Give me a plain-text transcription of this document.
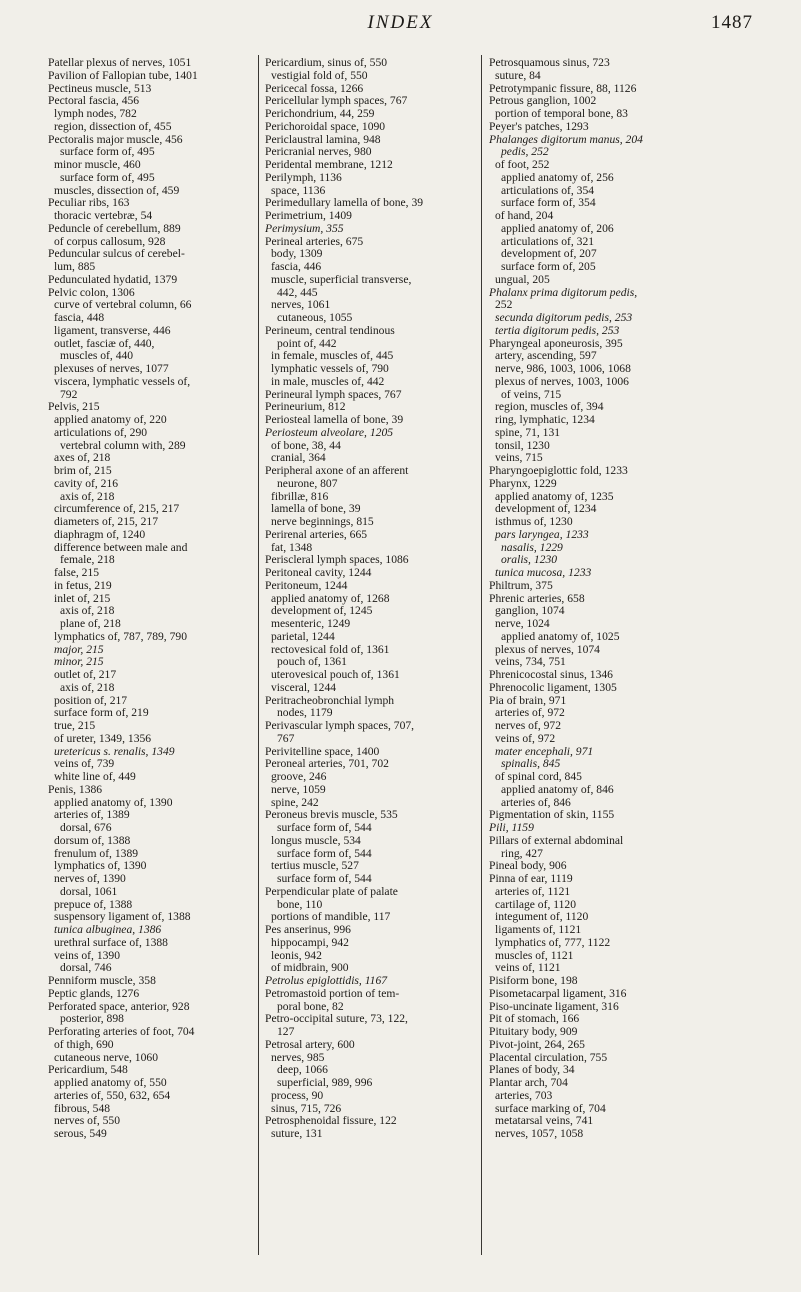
INDEX	1487
Patellar plexus of nerves, 1051
Pavilion of Fallopian tube, 1401
Pectineus muscle, 513
Pectoral fascia, 456
lymph nodes, 782
region, dissection of, 455
Pectoralis major muscle, 456
surface form of, 495
minor muscle, 460
surface form of, 495
muscles, dissection of, 459
Peculiar ribs, 163
thoracic vertebræ, 54
Peduncle of cerebellum, 889
of corpus callosum, 928
Peduncular sulcus of cerebel-
lum, 885
Pedunculated hydatid, 1379
Pelvic colon, 1306
curve of vertebral column, 66
fascia, 448
ligament, transverse, 446
outlet, fasciæ of, 440,
muscles of, 440
plexuses of nerves, 1077
viscera, lymphatic vessels of,
792
Pelvis, 215
applied anatomy of, 220
articulations of, 290
vertebral column with, 289
axes of, 218
brim of, 215
cavity of, 216
axis of, 218
circumference of, 215, 217
diameters of, 215, 217
diaphragm of, 1240
difference between male and
female, 218
false, 215
in fetus, 219
inlet of, 215
axis of, 218
plane of, 218
lymphatics of, 787, 789, 790
major, 215
minor, 215
outlet of, 217
axis of, 218
position of, 217
surface form of, 219
true, 215
of ureter, 1349, 1356
uretericus s. renalis, 1349
veins of, 739
white line of, 449
Penis, 1386
applied anatomy of, 1390
arteries of, 1389
dorsal, 676
dorsum of, 1388
frenulum of, 1389
lymphatics of, 1390
nerves of, 1390
dorsal, 1061
prepuce of, 1388
suspensory ligament of, 1388
tunica albuginea, 1386
urethral surface of, 1388
veins of, 1390
dorsal, 746
Penniform muscle, 358
Peptic glands, 1276
Perforated space, anterior, 928
posterior, 898
Perforating arteries of foot, 704
of thigh, 690
cutaneous nerve, 1060
Pericardium, 548
applied anatomy of, 550
arteries of, 550, 632, 654
fibrous, 548
nerves of, 550
serous, 549
Pericardium, sinus of, 550
vestigial fold of, 550
Pericecal fossa, 1266
Pericellular lymph spaces, 767
Perichondrium, 44, 259
Perichoroidal space, 1090
Periclaustral lamina, 948
Pericranial nerves, 980
Peridental membrane, 1212
Perilymph, 1136
space, 1136
Perimedullary lamella of bone, 39
Perimetrium, 1409
Perimysium, 355
Perineal arteries, 675
body, 1309
fascia, 446
muscle, superficial transverse,
442, 445
nerves, 1061
cutaneous, 1055
Perineum, central tendinous
point of, 442
in female, muscles of, 445
lymphatic vessels of, 790
in male, muscles of, 442
Perineural lymph spaces, 767
Perineurium, 812
Periosteal lamella of bone, 39
Periosteum alveolare, 1205
of bone, 38, 44
cranial, 364
Peripheral axone of an afferent
neurone, 807
fibrillæ, 816
lamella of bone, 39
nerve beginnings, 815
Perirenal arteries, 665
fat, 1348
Periscleral lymph spaces, 1086
Peritoneal cavity, 1244
Peritoneum, 1244
applied anatomy of, 1268
development of, 1245
mesenteric, 1249
parietal, 1244
rectovesical fold of, 1361
pouch of, 1361
uterovesical pouch of, 1361
visceral, 1244
Peritracheobronchial lymph
nodes, 1179
Perivascular lymph spaces, 707,
767
Perivitelline space, 1400
Peroneal arteries, 701, 702
groove, 246
nerve, 1059
spine, 242
Peroneus brevis muscle, 535
surface form of, 544
longus muscle, 534
surface form of, 544
tertius muscle, 527
surface form of, 544
Perpendicular plate of palate
bone, 110
portions of mandible, 117
Pes anserinus, 996
hippocampi, 942
leonis, 942
of midbrain, 900
Petrolus epiglottidis, 1167
Petromastoid portion of tem-
poral bone, 82
Petro-occipital suture, 73, 122,
127
Petrosal artery, 600
nerves, 985
deep, 1066
superficial, 989, 996
process, 90
sinus, 715, 726
Petrosphenoidal fissure, 122
suture, 131
Petrosquamous sinus, 723
suture, 84
Petrotympanic fissure, 88, 1126
Petrous ganglion, 1002
portion of temporal bone, 83
Peyer's patches, 1293
Phalanges digitorum manus, 204
pedis, 252
of foot, 252
applied anatomy of, 256
articulations of, 354
surface form of, 354
of hand, 204
applied anatomy of, 206
articulations of, 321
development of, 207
surface form of, 205
ungual, 205
Phalanx prima digitorum pedis,
252
secunda digitorum pedis, 253
tertia digitorum pedis, 253
Pharyngeal aponeurosis, 395
artery, ascending, 597
nerve, 986, 1003, 1006, 1068
plexus of nerves, 1003, 1006
of veins, 715
region, muscles of, 394
ring, lymphatic, 1234
spine, 71, 131
tonsil, 1230
veins, 715
Pharyngoepiglottic fold, 1233
Pharynx, 1229
applied anatomy of, 1235
development of, 1234
isthmus of, 1230
pars laryngea, 1233
nasalis, 1229
oralis, 1230
tunica mucosa, 1233
Philtrum, 375
Phrenic arteries, 658
ganglion, 1074
nerve, 1024
applied anatomy of, 1025
plexus of nerves, 1074
veins, 734, 751
Phrenicocostal sinus, 1346
Phrenocolic ligament, 1305
Pia of brain, 971
arteries of, 972
nerves of, 972
veins of, 972
mater encephali, 971
spinalis, 845
of spinal cord, 845
applied anatomy of, 846
arteries of, 846
Pigmentation of skin, 1155
Pili, 1159
Pillars of external abdominal
ring, 427
Pineal body, 906
Pinna of ear, 1119
arteries of, 1121
cartilage of, 1120
integument of, 1120
ligaments of, 1121
lymphatics of, 777, 1122
muscles of, 1121
veins of, 1121
Pisiform bone, 198
Pisometacarpal ligament, 316
Piso-uncinate ligament, 316
Pit of stomach, 166
Pituitary body, 909
Pivot-joint, 264, 265
Placental circulation, 755
Planes of body, 34
Plantar arch, 704
arteries, 703
surface marking of, 704
metatarsal veins, 741
nerves, 1057, 1058
